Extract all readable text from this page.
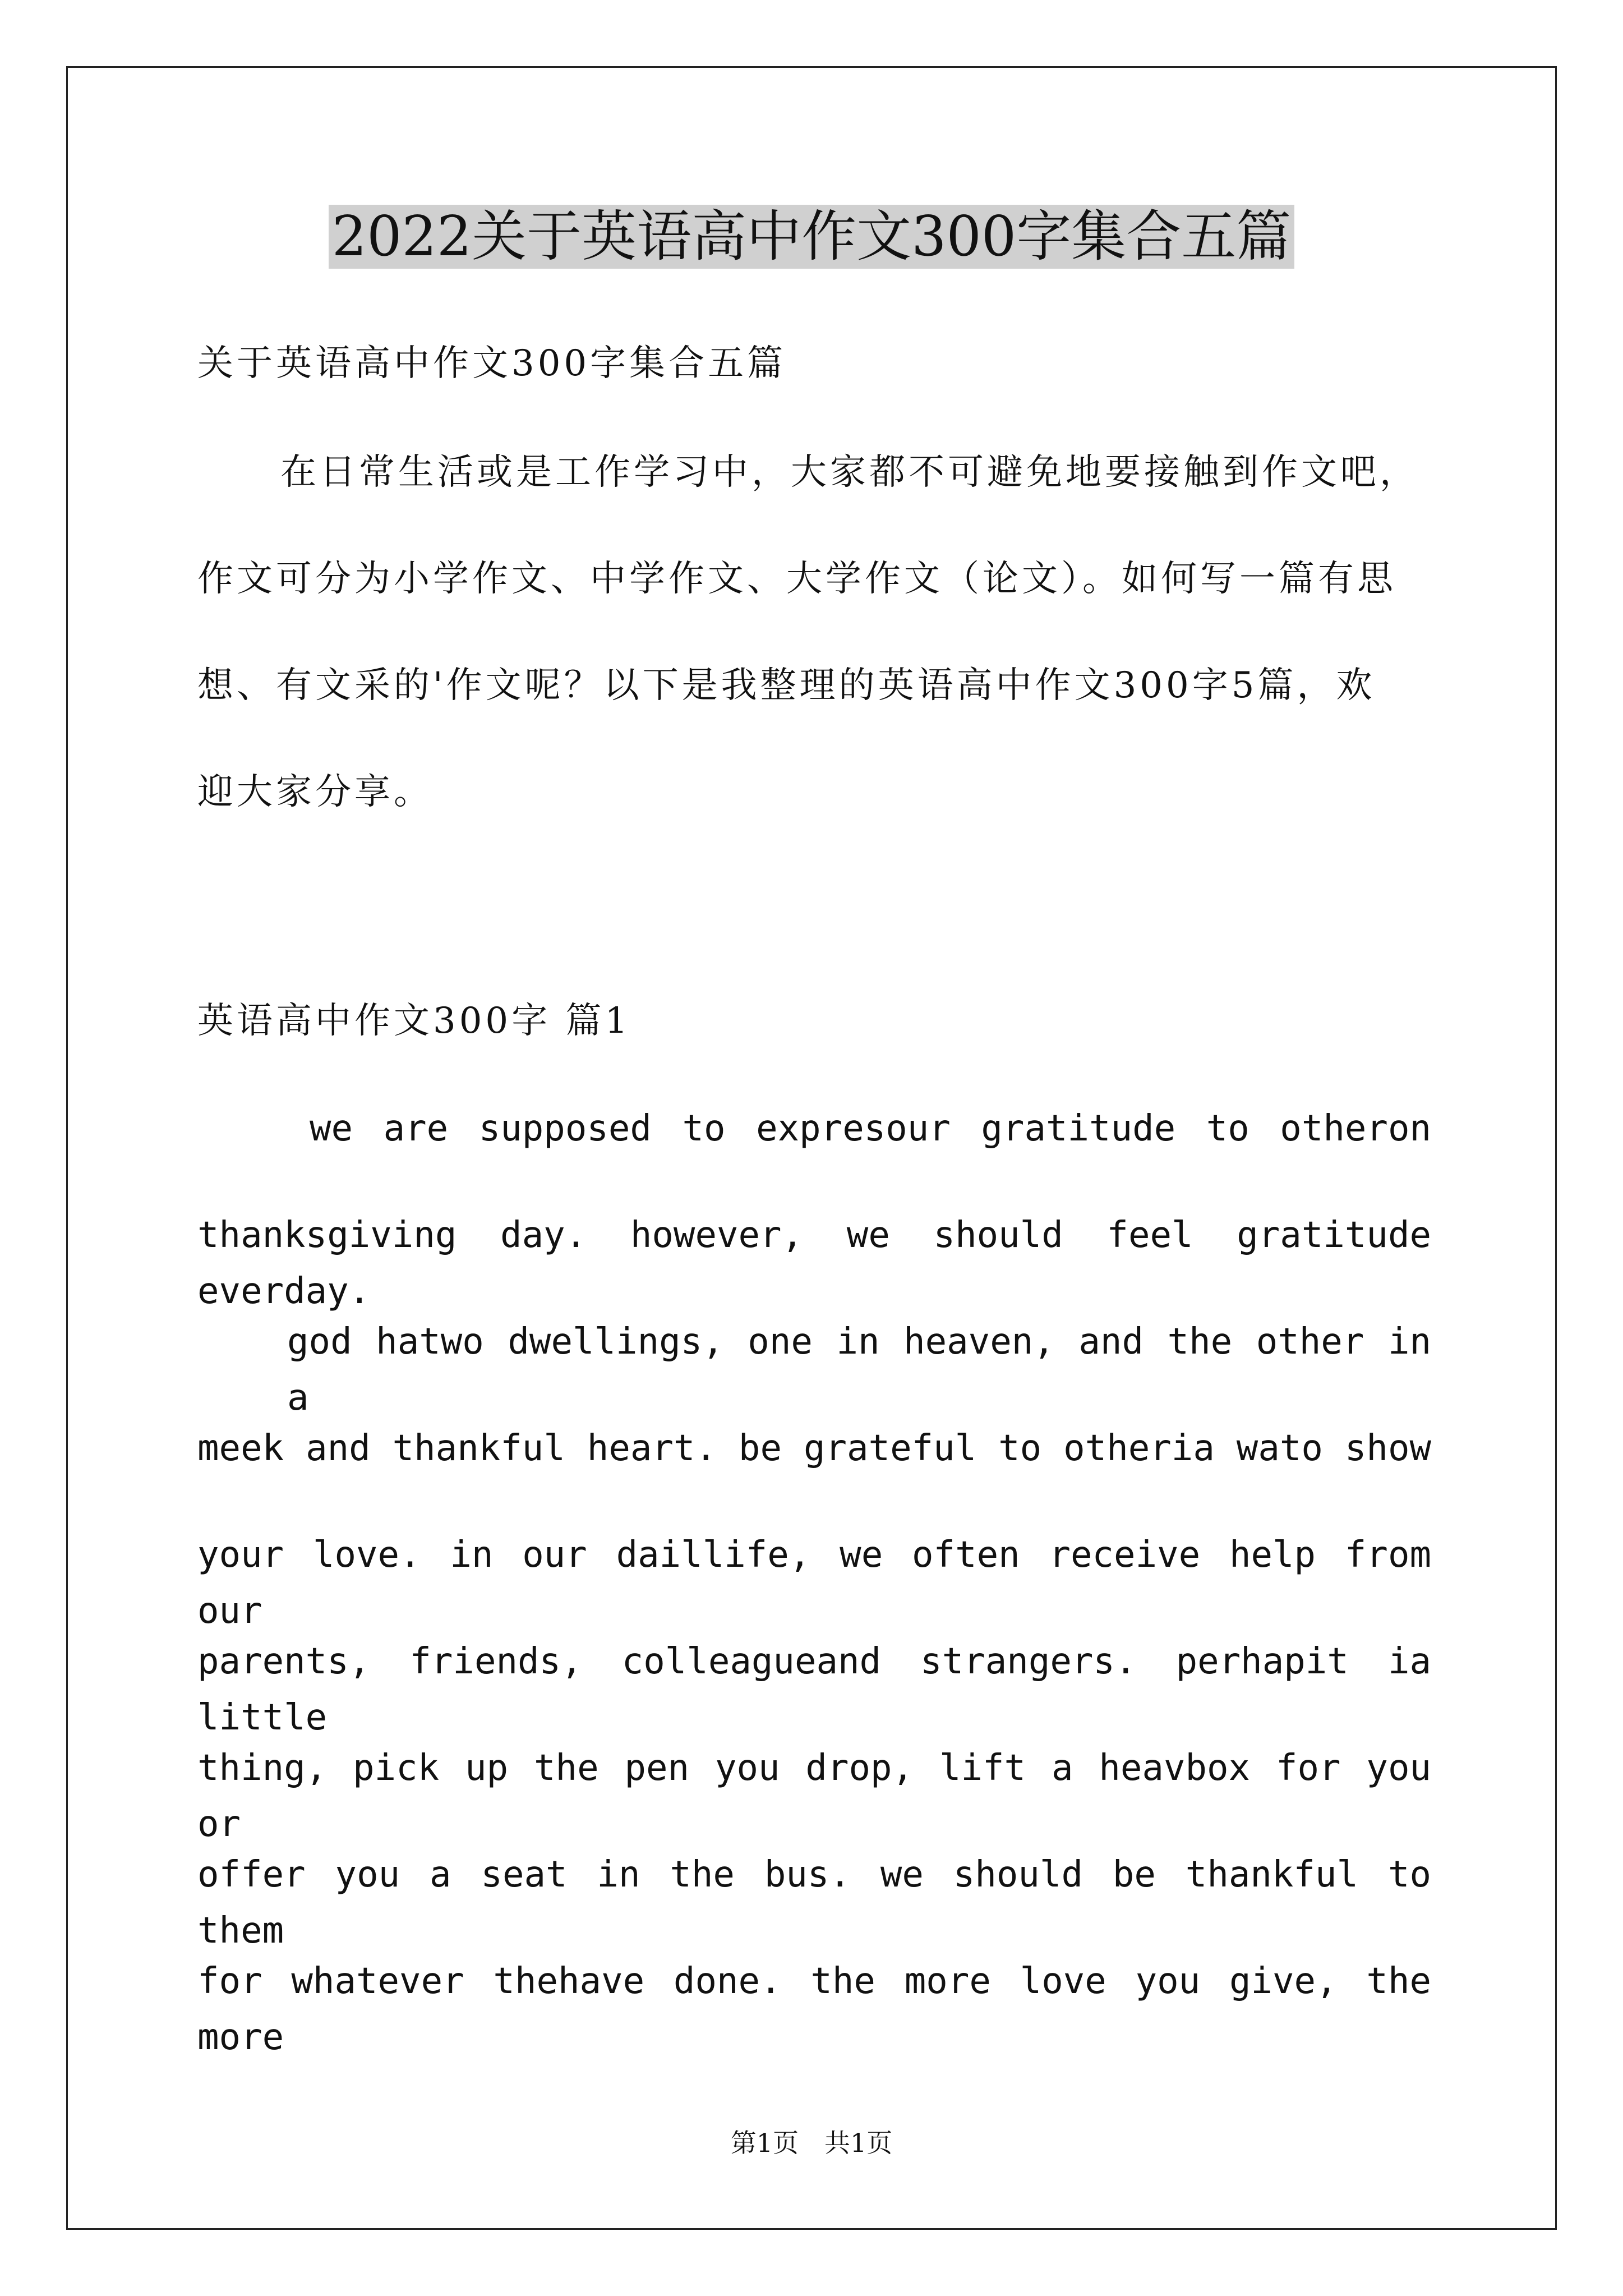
2022关于英语高中作文300字集合五篇
关于英语高中作文300字集合五篇
在日常生活或是工作学习中，大家都不可避免地要接触到作文吧，
作文可分为小学作文、中学作文、大学作文（论文）。如何写一篇有思
想、有文采的'作文呢？以下是我整理的英语高中作文300字5篇，欢
迎大家分享。
英语高中作文300字 篇1
we are supposed to expresour gratitude to otheron
thanksgiving day. however, we should feel gratitude everday.
god hatwo dwellings, one in heaven, and the other in a
meek and thankful heart. be grateful to otheria wato show
your love. in our daillife, we often receive help from our
parents, friends, colleagueand strangers. perhapit ia little
thing, pick up the pen you drop, lift a heavbox for you or
offer you a seat in the bus. we should be thankful to them
for whatever thehave done. the more love you give, the more
第1页　共1页
